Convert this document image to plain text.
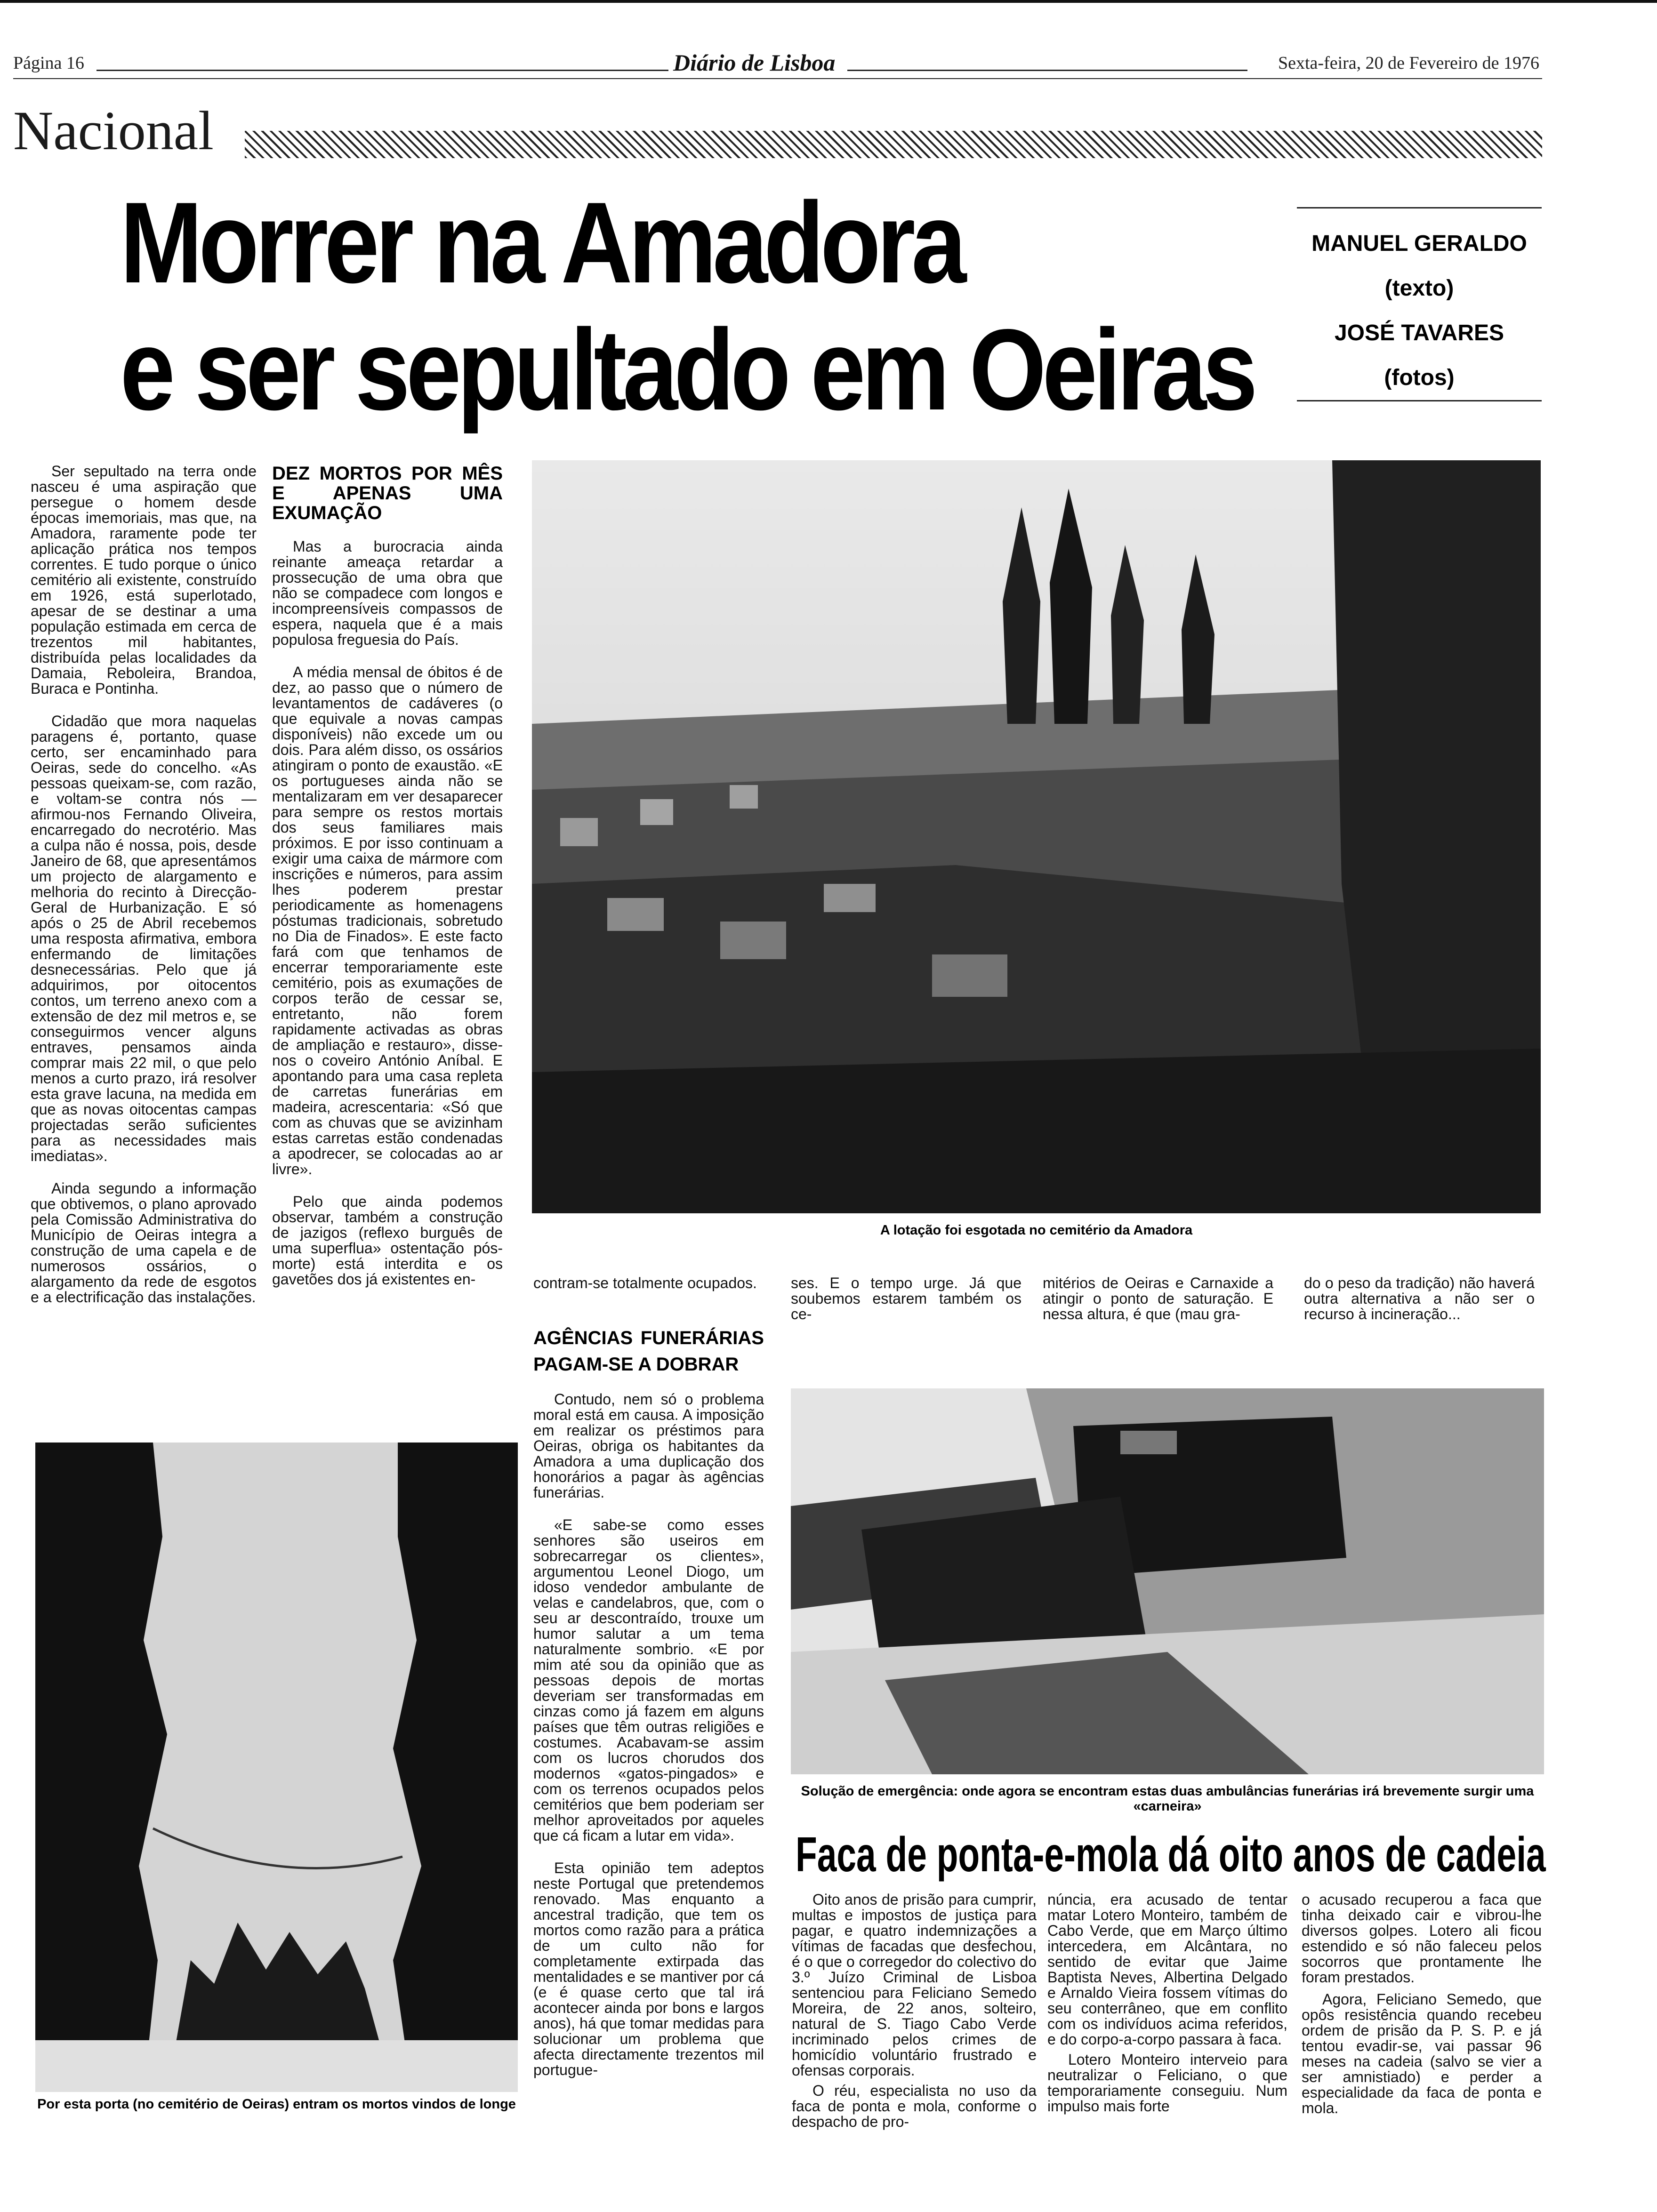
Página 16	Diário de Lisboa	Sexta-feira, 20 de Fevereiro de 1976
Nacional
Morrer na Amadora
e ser sepultado em Oeiras
MANUEL GERALDO
(texto)
JOSÉ TAVARES
(fotos)

Ser sepultado na terra onde nasceu é uma aspiração que persegue o homem desde épocas imemoriais, mas que, na Amadora, raramente pode ter aplicação prática nos tempos correntes. E tudo porque o único cemitério ali existente, construído em 1926, está superlotado, apesar de se destinar a uma população estimada em cerca de trezentos mil habitantes, distribuída pelas localidades da Damaia, Reboleira, Brandoa, Buraca e Pontinha.

Cidadão que mora naquelas paragens é, portanto, quase certo, ser encaminhado para Oeiras, sede do concelho. «As pessoas queixam-se, com razão, e voltam-se contra nós — afirmou-nos Fernando Oliveira, encarregado do necrotério. Mas a culpa não é nossa, pois, desde Janeiro de 68, que apresentámos um projecto de alargamento e melhoria do recinto à Direcção-Geral de Hurbanização. E só após o 25 de Abril recebemos uma resposta afirmativa, embora enfermando de limitações desnecessárias. Pelo que já adquirimos, por oitocentos contos, um terreno anexo com a extensão de dez mil metros e, se conseguirmos vencer alguns entraves, pensamos ainda comprar mais 22 mil, o que pelo menos a curto prazo, irá resolver esta grave lacuna, na medida em que as novas oitocentas campas projectadas serão suficientes para as necessidades mais imediatas».

Ainda segundo a informação que obtivemos, o plano aprovado pela Comissão Administrativa do Município de Oeiras integra a construção de uma capela e de numerosos ossários, o alargamento da rede de esgotos e a electrificação das instalações.

DEZ MORTOS POR MÊS E APENAS UMA EXUMAÇÃO

Mas a burocracia ainda reinante ameaça retardar a prossecução de uma obra que não se compadece com longos e incompreensíveis compassos de espera, naquela que é a mais populosa freguesia do País.

A média mensal de óbitos é de dez, ao passo que o número de levantamentos de cadáveres (o que equivale a novas campas disponíveis) não excede um ou dois. Para além disso, os ossários atingiram o ponto de exaustão. «E os portugueses ainda não se mentalizaram em ver desaparecer para sempre os restos mortais dos seus familiares mais próximos. E por isso continuam a exigir uma caixa de mármore com inscrições e números, para assim lhes poderem prestar periodicamente as homenagens póstumas tradicionais, sobretudo no Dia de Finados». E este facto fará com que tenhamos de encerrar temporariamente este cemitério, pois as exumações de corpos terão de cessar se, entretanto, não forem rapidamente activadas as obras de ampliação e restauro», disse-nos o coveiro António Aníbal. E apontando para uma casa repleta de carretas funerárias em madeira, acrescentaria: «Só que com as chuvas que se avizinham estas carretas estão condenadas a apodrecer, se colocadas ao ar livre».

Pelo que ainda podemos observar, também a construção de jazigos (reflexo burguês de uma superflua» ostentação pós-morte) está interdita e os gavetões dos já existentes en-

A lotação foi esgotada no cemitério da Amadora

contram-se totalmente ocupados.	ses. E o tempo urge. Já que soubemos estarem também os ce-

mitérios de Oeiras e Carnaxide a atingir o ponto de saturação. E nessa altura, é que (mau gra-

do o peso da tradição) não haverá outra alternativa a não ser o recurso à incineração...

AGÊNCIAS FUNERÁRIAS PAGAM-SE A DOBRAR

Contudo, nem só o problema moral está em causa. A imposição em realizar os préstimos para Oeiras, obriga os habitantes da Amadora a uma duplicação dos honorários a pagar às agências funerárias.

«E sabe-se como esses senhores são useiros em sobrecarregar os clientes», argumentou Leonel Diogo, um idoso vendedor ambulante de velas e candelabros, que, com o seu ar descontraído, trouxe um humor salutar a um tema naturalmente sombrio. «E por mim até sou da opinião que as pessoas depois de mortas deveriam ser transformadas em cinzas como já fazem em alguns países que têm outras religiões e costumes. Acabavam-se assim com os lucros chorudos dos modernos «gatos-pingados» e com os terrenos ocupados pelos cemitérios que bem poderiam ser melhor aproveitados por aqueles que cá ficam a lutar em vida».

Esta opinião tem adeptos neste Portugal que pretendemos renovado. Mas enquanto a ancestral tradição, que tem os mortos como razão para a prática de um culto não for completamente extirpada das mentalidades e se mantiver por cá (e é quase certo que tal irá acontecer ainda por bons e largos anos), há que tomar medidas para solucionar um problema que afecta directamente trezentos mil portugue-

Por esta porta (no cemitério de Oeiras) entram os mortos vindos de longe
Solução de emergência: onde agora se encontram estas duas ambulâncias funerárias irá brevemente surgir uma «carneira»
Faca de ponta-e-mola dá oito anos de cadeia

Oito anos de prisão para cumprir, multas e impostos de justiça para pagar, e quatro indemnizações a vítimas de facadas que desfechou, é o que o corregedor do colectivo do 3.º Juízo Criminal de Lisboa sentenciou para Feliciano Semedo Moreira, de 22 anos, solteiro, natural de S. Tiago Cabo Verde incriminado pelos crimes de homicídio voluntário frustrado e ofensas corporais.

O réu, especialista no uso da faca de ponta e mola, conforme o despacho de pro-

núncia, era acusado de tentar matar Lotero Monteiro, também de Cabo Verde, que em Março último intercedera, em Alcântara, no sentido de evitar que Jaime Baptista Neves, Albertina Delgado e Arnaldo Vieira fossem vítimas do seu conterrâneo, que em conflito com os indivíduos acima referidos, e do corpo-a-corpo passara à faca.

Lotero Monteiro interveio para neutralizar o Feliciano, o que temporariamente conseguiu. Num impulso mais forte

o acusado recuperou a faca que tinha deixado cair e vibrou-lhe diversos golpes. Lotero ali ficou estendido e só não faleceu pelos socorros que prontamente lhe foram prestados.

Agora, Feliciano Semedo, que opôs resistência quando recebeu ordem de prisão da P. S. P. e já tentou evadir-se, vai passar 96 meses na cadeia (salvo se vier a ser amnistiado) e perder a especialidade da faca de ponta e mola.
